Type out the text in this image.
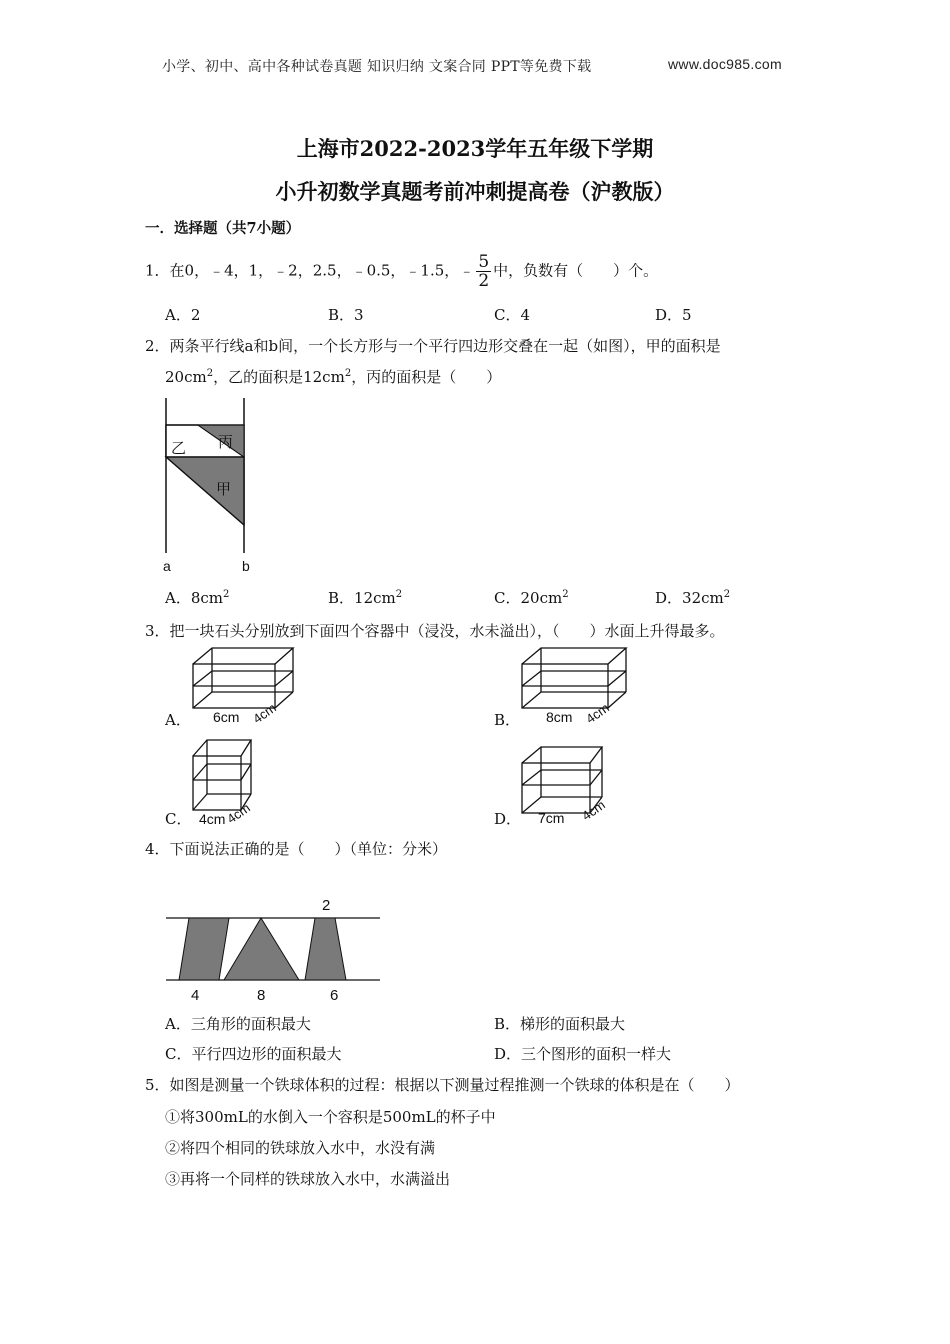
小学、初中、高中各种试卷真题 知识归纳 文案合同 PPT等免费下载	www.doc985.com
上海市2022-2023学年五年级下学期
小升初数学真题考前冲刺提高卷（沪教版）
一．选择题（共7小题）
1．在0，﹣4，1，﹣2，2.5，﹣0.5，﹣1.5，﹣ $\frac{5}{2}$ 中，负数有（　　）个。
A．2	B．3	C．4	D．5
2．两条平行线a和b间，一个长方形与一个平行四边形交叠在一起（如图），甲的面积是
$20cm^2$，乙的面积是$12cm^2$，丙的面积是（　　）
乙 丙
甲
a	b
A．$8cm^2$	B．$12cm^2$	C．$20cm^2$	D．$32cm^2$
3．把一块石头分别放到下面四个容器中（浸没，水未溢出），（　　）水面上升得最多。
A． 6cm 4cm	B． 8cm 4cm
C． 4cm
4cm	D． 7cm 4cm
4．下面说法正确的是（　　）（单位：分米）
2
4	8	6
A．三角形的面积最大	B．梯形的面积最大
C．平行四边形的面积最大	D．三个图形的面积一样大
5．如图是测量一个铁球体积的过程：根据以下测量过程推测一个铁球的体积是在（　　）
①将300mL的水倒入一个容积是500mL的杯子中
②将四个相同的铁球放入水中，水没有满
③再将一个同样的铁球放入水中，水满溢出
